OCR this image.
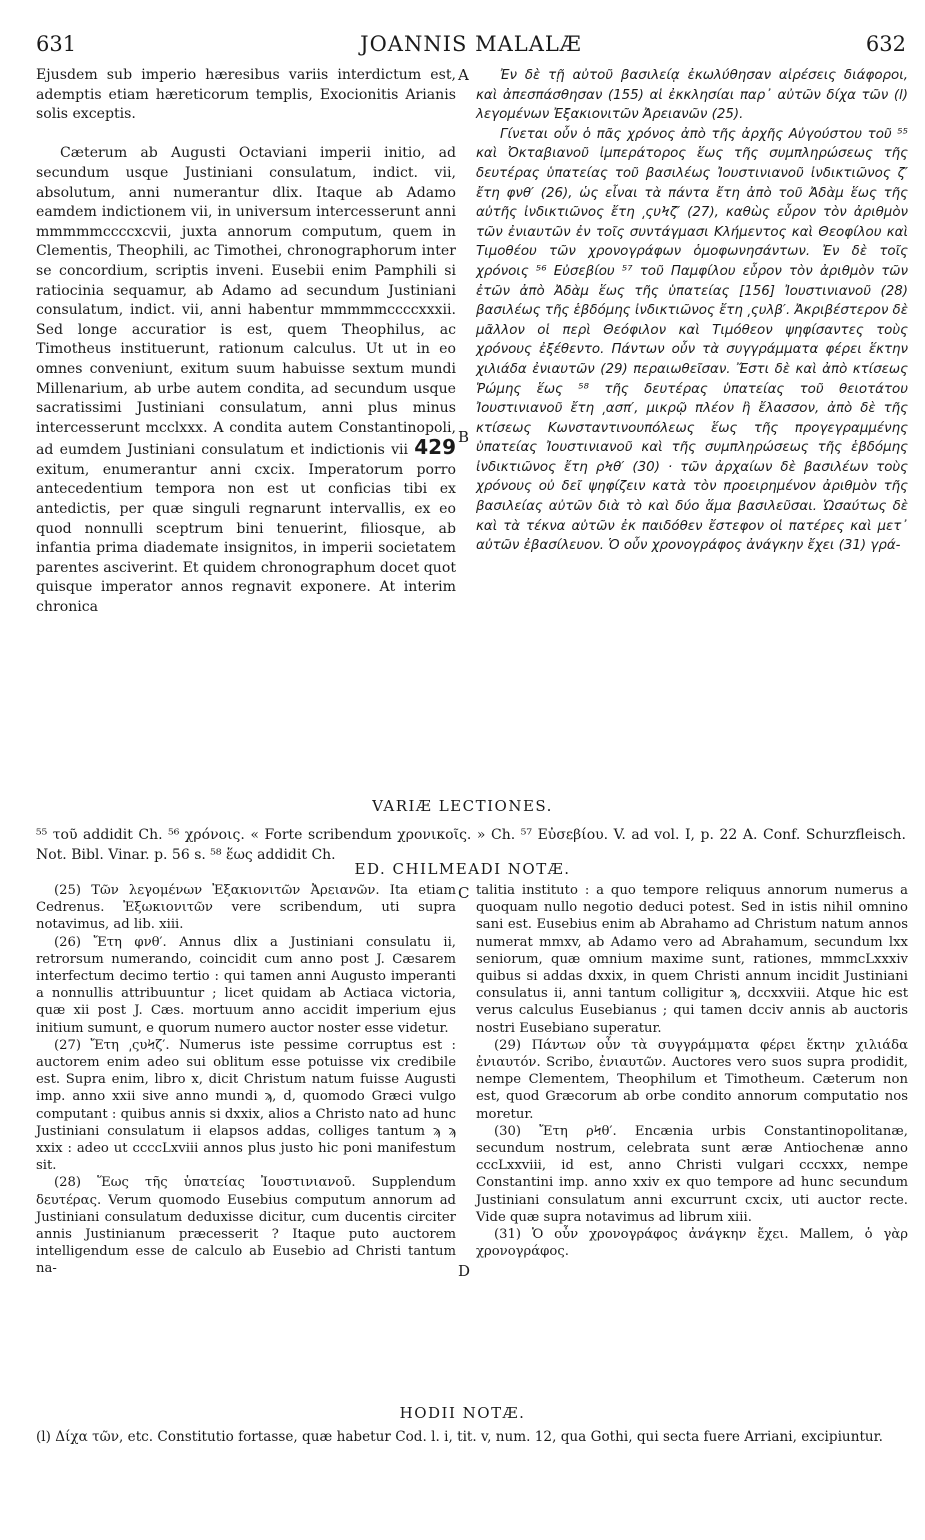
631	JOANNIS MALALÆ	632

Ejusdem sub imperio hæresibus variis interdictum est, ademptis etiam hæreticorum templis, Exocionitis Arianis solis exceptis.

Cæterum ab Augusti Octaviani imperii initio, ad secundum usque Justiniani consulatum, indict. vii, absolutum, anni numerantur dlix. Itaque ab Adamo eamdem indictionem vii, in universum intercesserunt anni mmmmmccccxcvii, juxta annorum computum, quem in Clementis, Theophili, ac Timothei, chronographorum inter se concordium, scriptis inveni. Eusebii enim Pamphili si ratiocinia sequamur, ab Adamo ad secundum Justiniani consulatum, indict. vii, anni habentur mmmmmccccxxxii. Sed longe accuratior is est, quem Theophilus, ac Timotheus instituerunt, rationum calculus. Ut ut in eo omnes conveniunt, exitum suum habuisse sextum mundi Millenarium, ab urbe autem condita, ad secundum usque sacratissimi Justiniani consulatum, anni plus minus intercesserunt mcclxxx. A condita autem Constantinopoli, ad eumdem Justiniani consulatum et indictionis vii 429 exitum, enumerantur anni cxcix. Imperatorum porro antecedentium tempora non est ut conficias tibi ex antedictis, per quæ singuli regnarunt intervallis, ex eo quod nonnulli sceptrum bini tenuerint, filiosque, ab infantia prima diademate insignitos, in imperii societatem parentes asciverint. Et quidem chronographum docet quot quisque imperator annos regnavit exponere. At interim chronica

A
B

Ἐν δὲ τῇ αὐτοῦ βασιλείᾳ ἐκωλύθησαν αἱρέσεις διάφοροι, καὶ ἀπεσπάσθησαν (155) αἱ ἐκκλησίαι παρ᾽ αὐτῶν δίχα τῶν (l) λεγομένων Ἐξακιονιτῶν Ἀρειανῶν (25).

Γίνεται οὖν ὁ πᾶς χρόνος ἀπὸ τῆς ἀρχῆς Αὐγούστου τοῦ ⁵⁵ καὶ Ὀκταβιανοῦ ἰμπεράτορος ἕως τῆς συμπληρώσεως τῆς δευτέρας ὑπατείας τοῦ βασιλέως Ἰουστινιανοῦ ἰνδικτιῶνος ζ′ ἔτη φνθ′ (26), ὡς εἶναι τὰ πάντα ἔτη ἀπὸ τοῦ Ἀδὰμ ἕως τῆς αὐτῆς ἰνδικτιῶνος ἔτη ͵ςυϞζ′ (27), καθὼς εὗρον τὸν ἀριθμὸν τῶν ἐνιαυτῶν ἐν τοῖς συντάγμασι Κλήμεντος καὶ Θεοφίλου καὶ Τιμοθέου τῶν χρονογράφων ὁμοφωνησάντων. Ἐν δὲ τοῖς χρόνοις ⁵⁶ Εὐσεβίου ⁵⁷ τοῦ Παμφίλου εὗρον τὸν ἀριθμὸν τῶν ἐτῶν ἀπὸ Ἀδὰμ ἕως τῆς ὑπατείας [156] Ἰουστινιανοῦ (28) βασιλέως τῆς ἑβδόμης ἰνδικτιῶνος ἔτη ͵ςυλβ′. Ἀκριβέστερον δὲ μᾶλλον οἱ περὶ Θεόφιλον καὶ Τιμόθεον ψηφίσαντες τοὺς χρόνους ἐξέθεντο. Πάντων οὖν τὰ συγγράμματα φέρει ἕκτην χιλιάδα ἐνιαυτῶν (29) περαιωθεῖσαν. Ἔστι δὲ καὶ ἀπὸ κτίσεως Ῥώμης ἕως ⁵⁸ τῆς δευτέρας ὑπατείας τοῦ θειοτάτου Ἰουστινιανοῦ ἔτη ͵ασπ′, μικρῷ πλέον ἢ ἔλασσον, ἀπὸ δὲ τῆς κτίσεως Κωνσταντινουπόλεως ἕως τῆς προγεγραμμένης ὑπατείας Ἰουστινιανοῦ καὶ τῆς συμπληρώσεως τῆς ἑβδόμης ἰνδικτιῶνος ἔτη ρϞθ′ (30) · τῶν ἀρχαίων δὲ βασιλέων τοὺς χρόνους οὐ δεῖ ψηφίζειν κατὰ τὸν προειρημένον ἀριθμὸν τῆς βασιλείας αὐτῶν διὰ τὸ καὶ δύο ἅμα βασιλεῦσαι. Ὡσαύτως δὲ καὶ τὰ τέκνα αὐτῶν ἐκ παιδόθεν ἔστεφον οἱ πατέρες καὶ μετ᾽ αὐτῶν ἐβασίλευον. Ὁ οὖν χρονογράφος ἀνάγκην ἔχει (31) γρά-

VARIÆ LECTIONES.
⁵⁵ τοῦ addidit Ch. ⁵⁶ χρόνοις. « Forte scribendum χρονικοῖς. » Ch. ⁵⁷ Εὐσεβίου. V. ad vol. I, p. 22 A. Conf. Schurzfleisch. Not. Bibl. Vinar. p. 56 s. ⁵⁸ ἕως addidit Ch.
ED. CHILMEADI NOTÆ.

(25) Τῶν λεγομένων Ἐξακιονιτῶν Ἀρειανῶν. Ita etiam Cedrenus. Ἐξωκιονιτῶν vere scribendum, uti supra notavimus, ad lib. xiii.

(26) Ἔτη φνθ′. Annus dlix a Justiniani consulatu ii, retrorsum numerando, coincidit cum anno post J. Cæsarem interfectum decimo tertio : qui tamen anni Augusto imperanti a nonnullis attribuuntur ; licet quidam ab Actiaca victoria, quæ xii post J. Cæs. mortuum anno accidit imperium ejus initium sumunt, e quorum numero auctor noster esse videtur.

(27) Ἔτη ͵ςυϞζ′. Numerus iste pessime corruptus est : auctorem enim adeo sui oblitum esse potuisse vix credibile est. Supra enim, libro x, dicit Christum natum fuisse Augusti imp. anno xxii sive anno mundi ϡ, d, quomodo Græci vulgo computant : quibus annis si dxxix, alios a Christo nato ad hunc Justiniani consulatum ii elapsos addas, colliges tantum ϡ ϡ xxix : adeo ut ccccLxviii annos plus justo hic poni manifestum sit.

(28) Ἕως τῆς ὑπατείας Ἰουστινιανοῦ. Supplendum δευτέρας. Verum quomodo Eusebius computum annorum ad Justiniani consulatum deduxisse dicitur, cum ducentis circiter annis Justinianum præcesserit ? Itaque puto auctorem intelligendum esse de calculo ab Eusebio ad Christi tantum na-

C
D

talitia instituto : a quo tempore reliquus annorum numerus a quoquam nullo negotio deduci potest. Sed in istis nihil omnino sani est. Eusebius enim ab Abrahamo ad Christum natum annos numerat mmxv, ab Adamo vero ad Abrahamum, secundum lxx seniorum, quæ omnium maxime sunt, rationes, mmmcLxxxiv quibus si addas dxxix, in quem Christi annum incidit Justiniani consulatus ii, anni tantum colligitur ϡ, dccxxviii. Atque hic est verus calculus Eusebianus ; qui tamen dcciv annis ab auctoris nostri Eusebiano superatur.

(29) Πάντων οὖν τὰ συγγράμματα φέρει ἕκτην χιλιάδα ἐνιαυτόν. Scribo, ἐνιαυτῶν. Auctores vero suos supra prodidit, nempe Clementem, Theophilum et Timotheum. Cæterum non est, quod Græcorum ab orbe condito annorum computatio nos moretur.

(30) Ἔτη ρϞθ′. Encænia urbis Constantinopolitanæ, secundum nostrum, celebrata sunt æræ Antiochenæ anno cccLxxviii, id est, anno Christi vulgari cccxxx, nempe Constantini imp. anno xxiv ex quo tempore ad hunc secundum Justiniani consulatum anni excurrunt cxcix, uti auctor recte. Vide quæ supra notavimus ad librum xiii.

(31) Ὁ οὖν χρονογράφος ἀνάγκην ἔχει. Mallem, ὁ γὰρ χρονογράφος.

HODII NOTÆ.
(l) Δίχα τῶν, etc. Constitutio fortasse, quæ habetur Cod. l. i, tit. v, num. 12, qua Gothi, qui secta fuere Arriani, excipiuntur.
